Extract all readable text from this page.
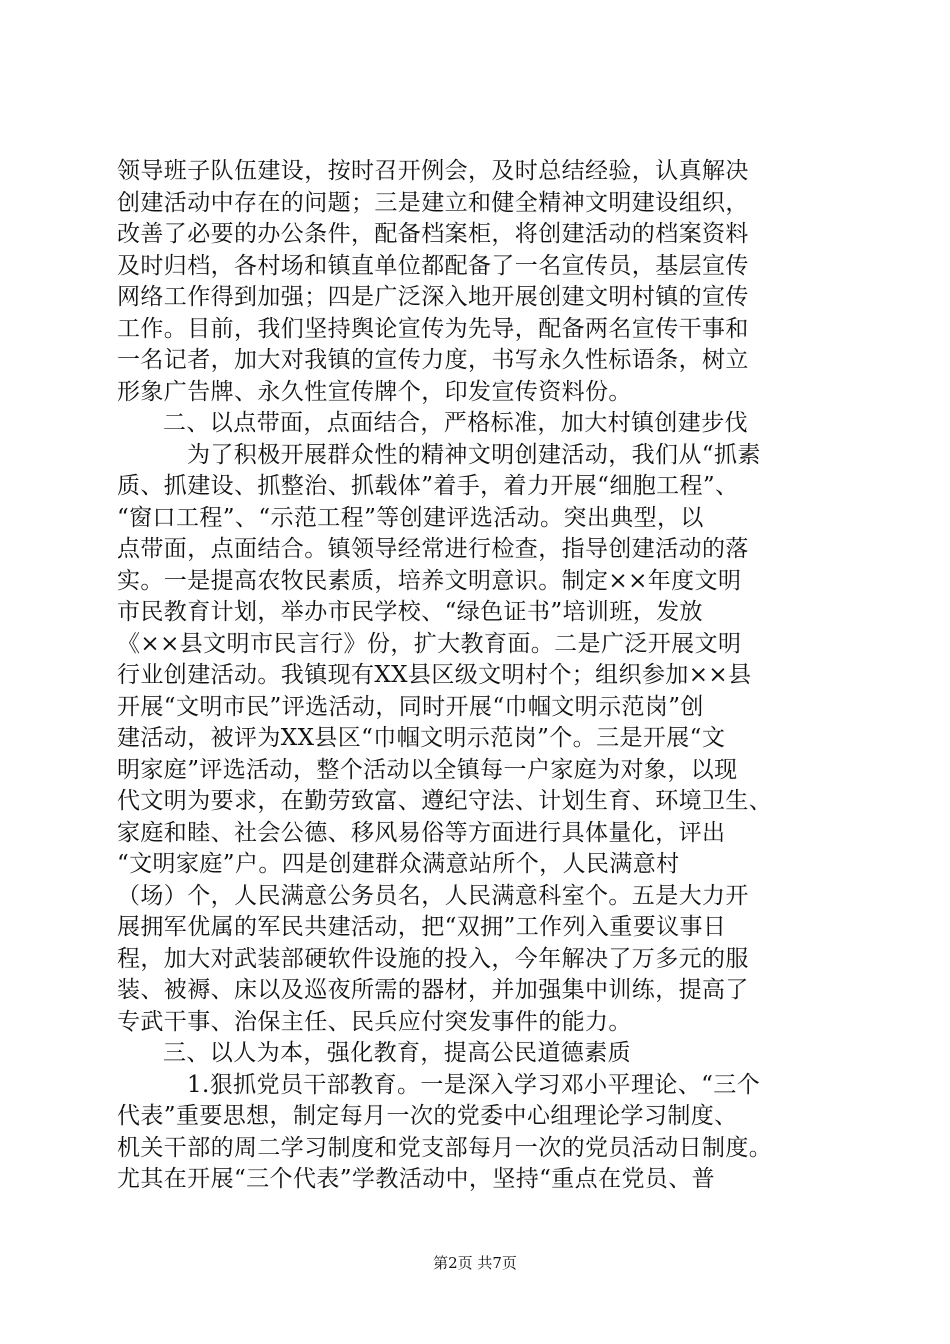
领导班子队伍建设，按时召开例会，及时总结经验，认真解决
创建活动中存在的问题；三是建立和健全精神文明建设组织，
改善了必要的办公条件，配备档案柜，将创建活动的档案资料
及时归档，各村场和镇直单位都配备了一名宣传员，基层宣传
网络工作得到加强；四是广泛深入地开展创建文明村镇的宣传
工作。目前，我们坚持舆论宣传为先导，配备两名宣传干事和
一名记者，加大对我镇的宣传力度，书写永久性标语条，树立
形象广告牌、永久性宣传牌个，印发宣传资料份。
二、以点带面，点面结合，严格标准，加大村镇创建步伐
为了积极开展群众性的精神文明创建活动，我们从“抓素
质、抓建设、抓整治、抓载体”着手，着力开展“细胞工程”、
“窗口工程”、“示范工程”等创建评选活动。突出典型，以
点带面，点面结合。镇领导经常进行检查，指导创建活动的落
实。一是提高农牧民素质，培养文明意识。制定××年度文明
市民教育计划，举办市民学校、“绿色证书”培训班，发放
《××县文明市民言行》份，扩大教育面。二是广泛开展文明
行业创建活动。我镇现有XX县区级文明村个；组织参加××县
开展“文明市民”评选活动，同时开展“巾帼文明示范岗”创
建活动，被评为XX县区“巾帼文明示范岗”个。三是开展“文
明家庭”评选活动，整个活动以全镇每一户家庭为对象，以现
代文明为要求，在勤劳致富、遵纪守法、计划生育、环境卫生、
家庭和睦、社会公德、移风易俗等方面进行具体量化，评出
“文明家庭”户。四是创建群众满意站所个，人民满意村
（场）个，人民满意公务员名，人民满意科室个。五是大力开
展拥军优属的军民共建活动，把“双拥”工作列入重要议事日
程，加大对武装部硬软件设施的投入，今年解决了万多元的服
装、被褥、床以及巡夜所需的器材，并加强集中训练，提高了
专武干事、治保主任、民兵应付突发事件的能力。
三、以人为本，强化教育，提高公民道德素质
1.狠抓党员干部教育。一是深入学习邓小平理论、“三个
代表”重要思想，制定每月一次的党委中心组理论学习制度、
机关干部的周二学习制度和党支部每月一次的党员活动日制度。
尤其在开展“三个代表”学教活动中，坚持“重点在党员、普
第2页 共7页
